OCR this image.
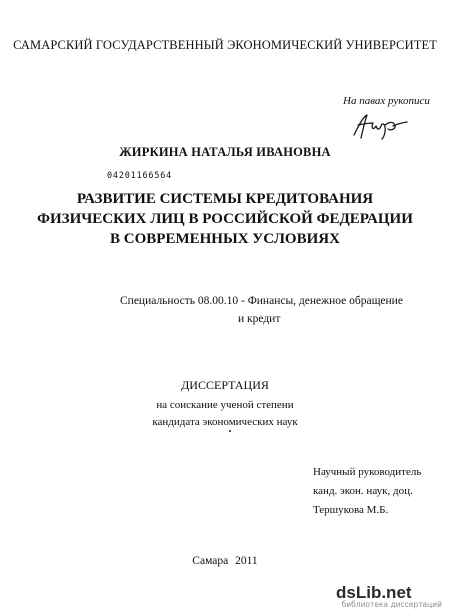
САМАРСКИЙ ГОСУДАРСТВЕННЫЙ ЭКОНОМИЧЕСКИЙ УНИВЕРСИТЕТ
На павах рукописи
ЖИРКИНА НАТАЛЬЯ ИВАНОВНА
04201166564
РАЗВИТИЕ СИСТЕМЫ КРЕДИТОВАНИЯ
ФИЗИЧЕСКИХ ЛИЦ В РОССИЙСКОЙ ФЕДЕРАЦИИ
В СОВРЕМЕННЫХ УСЛОВИЯХ
Специальность 08.00.10 - Финансы, денежное обращение
и кредит
ДИССЕРТАЦИЯ
на соискание ученой степени
кандидата экономических наук
Научный руководитель
канд. экон. наук, доц.
Тершукова М.Б.
Самара 2011
dsLib.net
библиотека диссертаций
